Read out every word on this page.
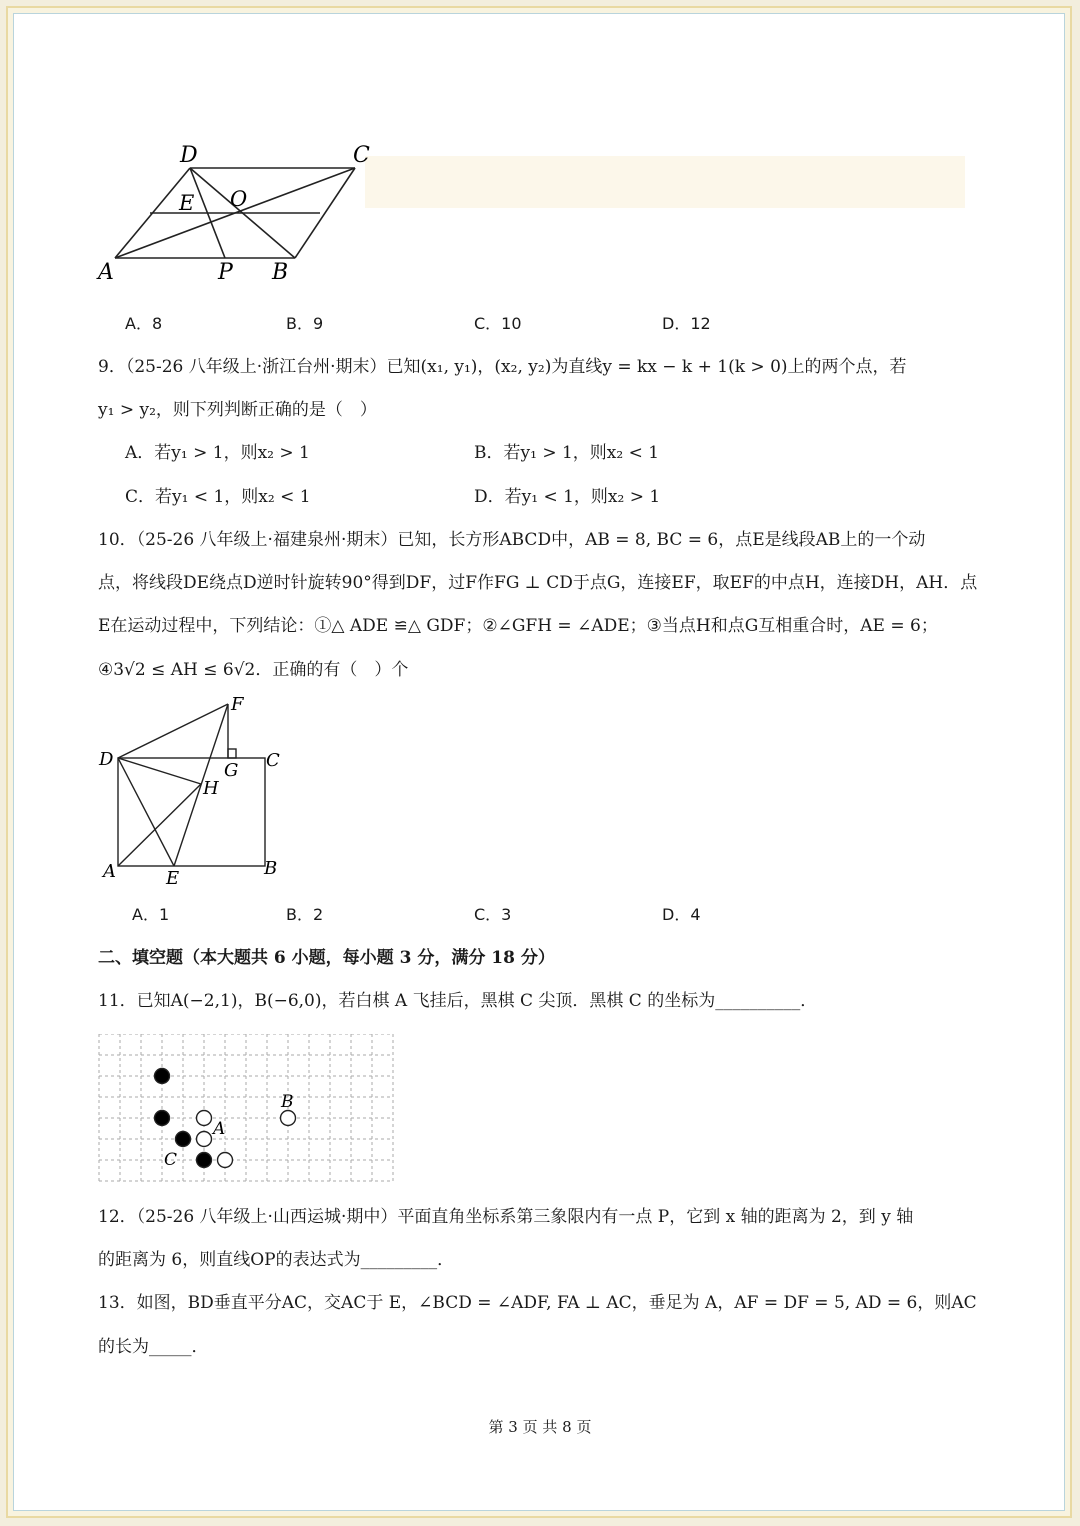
D	C
E O
A	P B
A．8	B．9	C．10	D．12
9．（25-26 八年级上·浙江台州·期末）已知(x₁, y₁)，(x₂, y₂)为直线y = kx − k + 1(k > 0)上的两个点，若
y₁ > y₂，则下列判断正确的是（　）
A．若y₁ > 1，则x₂ > 1	B．若y₁ > 1，则x₂ < 1
C．若y₁ < 1，则x₂ < 1	D．若y₁ < 1，则x₂ > 1
10．（25-26 八年级上·福建泉州·期末）已知，长方形ABCD中，AB = 8, BC = 6，点E是线段AB上的一个动
点，将线段DE绕点D逆时针旋转90°得到DF，过F作FG ⊥ CD于点G，连接EF，取EF的中点H，连接DH，AH．点
E在运动过程中，下列结论：①△ ADE ≌△ GDF；②∠GFH = ∠ADE；③当点H和点G互相重合时，AE = 6；
④3√2 ≤ AH ≤ 6√2．正确的有（　）个
F
D
G C
H
A	E	B
A．1	B．2	C．3	D．4
二、填空题（本大题共 6 小题，每小题 3 分，满分 18 分）
11．已知A(−2,1)，B(−6,0)，若白棋 A 飞挂后，黑棋 C 尖顶．黑棋 C 的坐标为__________．
A
B
C
12．（25-26 八年级上·山西运城·期中）平面直角坐标系第三象限内有一点 P，它到 x 轴的距离为 2，到 y 轴
的距离为 6，则直线OP的表达式为_________．
13．如图，BD垂直平分AC，交AC于 E，∠BCD = ∠ADF, FA ⊥ AC，垂足为 A，AF = DF = 5, AD = 6，则AC
的长为_____．
第 3 页 共 8 页
